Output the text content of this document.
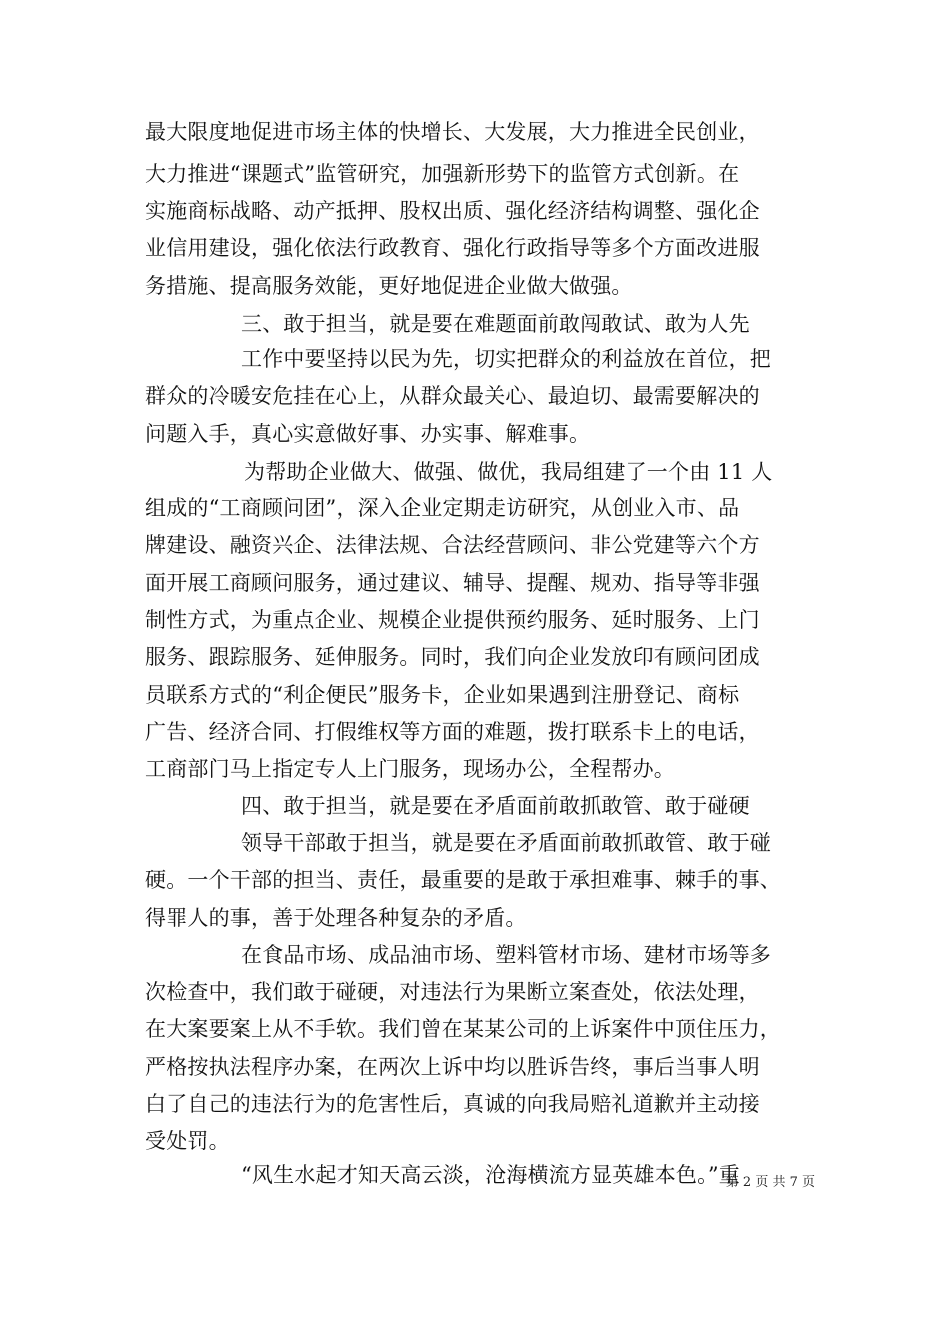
最大限度地促进市场主体的快增长、大发展，大力推进全民创业，
大力推进“课题式”监管研究，加强新形势下的监管方式创新。在
实施商标战略、动产抵押、股权出质、强化经济结构调整、强化企
业信用建设，强化依法行政教育、强化行政指导等多个方面改进服
务措施、提高服务效能，更好地促进企业做大做强。
三、敢于担当，就是要在难题面前敢闯敢试、敢为人先
工作中要坚持以民为先，切实把群众的利益放在首位，把
群众的冷暖安危挂在心上，从群众最关心、最迫切、最需要解决的
问题入手，真心实意做好事、办实事、解难事。
为帮助企业做大、做强、做优，我局组建了一个由 11 人
组成的“工商顾问团”，深入企业定期走访研究，从创业入市、品
牌建设、融资兴企、法律法规、合法经营顾问、非公党建等六个方
面开展工商顾问服务，通过建议、辅导、提醒、规劝、指导等非强
制性方式，为重点企业、规模企业提供预约服务、延时服务、上门
服务、跟踪服务、延伸服务。同时，我们向企业发放印有顾问团成
员联系方式的“利企便民”服务卡，企业如果遇到注册登记、商标
广告、经济合同、打假维权等方面的难题，拨打联系卡上的电话，
工商部门马上指定专人上门服务，现场办公，全程帮办。
四、敢于担当，就是要在矛盾面前敢抓敢管、敢于碰硬
领导干部敢于担当，就是要在矛盾面前敢抓敢管、敢于碰
硬。一个干部的担当、责任，最重要的是敢于承担难事、棘手的事、
得罪人的事，善于处理各种复杂的矛盾。
在食品市场、成品油市场、塑料管材市场、建材市场等多
次检查中，我们敢于碰硬，对违法行为果断立案查处，依法处理，
在大案要案上从不手软。我们曾在某某公司的上诉案件中顶住压力，
严格按执法程序办案，在两次上诉中均以胜诉告终，事后当事人明
白了自己的违法行为的危害性后，真诚的向我局赔礼道歉并主动接
受处罚。
“风生水起才知天高云淡，沧海横流方显英雄本色。”重
第 2 页 共 7 页
